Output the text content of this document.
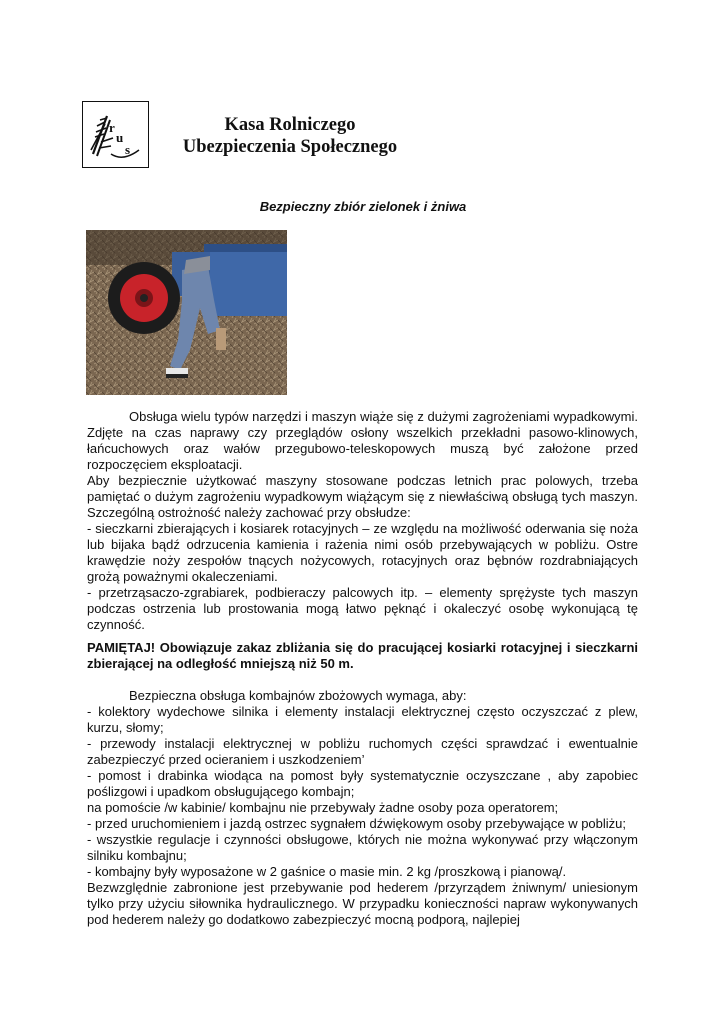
r
u
s
Kasa Rolniczego
Ubezpieczenia Społecznego
Bezpieczny zbiór zielonek i żniwa

Obsługa wielu typów narzędzi i maszyn wiąże się z dużymi zagrożeniami wypadkowymi. Zdjęte na czas naprawy czy przeglądów osłony wszelkich przekładni pasowo-klinowych, łańcuchowych oraz wałów przegubowo-teleskopowych muszą być założone przed rozpoczęciem eksploatacji.

Aby bezpiecznie użytkować maszyny stosowane podczas letnich prac polowych, trzeba pamiętać o dużym zagrożeniu wypadkowym wiążącym się z niewłaściwą obsługą tych maszyn. Szczególną ostrożność należy zachować przy obsłudze:

- sieczkarni zbierających i kosiarek rotacyjnych – ze względu na możliwość oderwania się noża lub bijaka bądź odrzucenia kamienia i rażenia nimi osób przebywających w pobliżu. Ostre krawędzie noży zespołów tnących nożycowych, rotacyjnych oraz bębnów rozdrabniających grożą poważnymi okaleczeniami.

- przetrząsaczo-zgrabiarek, podbieraczy palcowych itp. – elementy sprężyste tych maszyn podczas ostrzenia lub prostowania mogą łatwo pęknąć i okaleczyć osobę wykonującą tę czynność.

PAMIĘTAJ! Obowiązuje zakaz zbliżania się do pracującej kosiarki rotacyjnej i sieczkarni zbierającej na odległość mniejszą niż 50 m.

Bezpieczna obsługa kombajnów zbożowych wymaga, aby:

- kolektory wydechowe silnika i elementy instalacji elektrycznej często oczyszczać z plew, kurzu, słomy;

- przewody instalacji elektrycznej w pobliżu ruchomych części sprawdzać i ewentualnie zabezpieczyć przed ocieraniem i uszkodzeniem’

- pomost i drabinka wiodąca na pomost były systematycznie oczyszczane , aby zapobiec poślizgowi i upadkom obsługującego kombajn;

na pomoście /w kabinie/ kombajnu nie przebywały żadne osoby poza operatorem;

- przed uruchomieniem i jazdą ostrzec sygnałem dźwiękowym osoby przebywające w pobliżu;

- wszystkie regulacje i czynności obsługowe, których nie można wykonywać przy włączonym silniku kombajnu;

- kombajny były wyposażone w 2 gaśnice o masie min. 2 kg /proszkową i pianową/.

Bezwzględnie zabronione jest przebywanie pod hederem /przyrządem żniwnym/ uniesionym tylko przy użyciu siłownika hydraulicznego. W przypadku konieczności napraw wykonywanych pod hederem należy go dodatkowo zabezpieczyć mocną podporą, najlepiej
